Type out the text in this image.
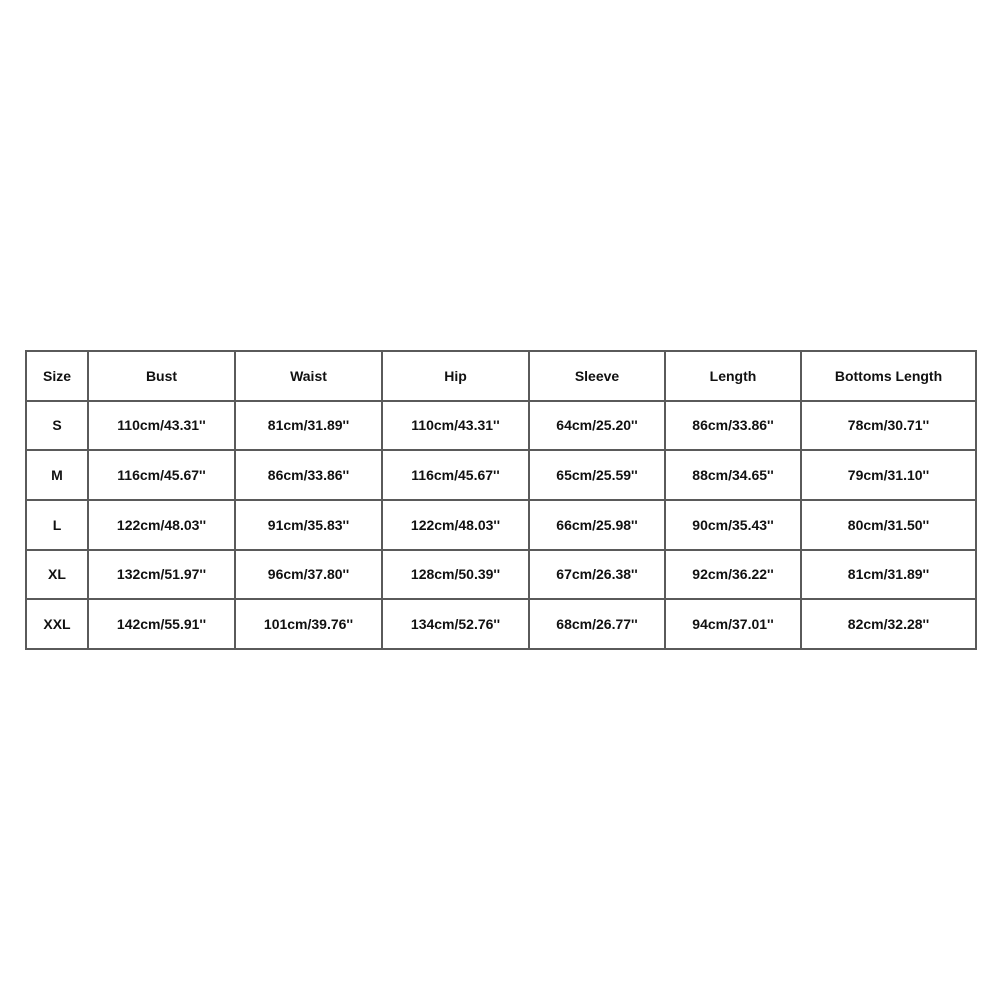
Size	Bust	Waist	Hip	Sleeve	Length	Bottoms Length
S	110cm/43.31''	81cm/31.89''	110cm/43.31''	64cm/25.20''	86cm/33.86''	78cm/30.71''
M	116cm/45.67''	86cm/33.86''	116cm/45.67''	65cm/25.59''	88cm/34.65''	79cm/31.10''
L	122cm/48.03''	91cm/35.83''	122cm/48.03''	66cm/25.98''	90cm/35.43''	80cm/31.50''
XL	132cm/51.97''	96cm/37.80''	128cm/50.39''	67cm/26.38''	92cm/36.22''	81cm/31.89''
XXL	142cm/55.91''	101cm/39.76''	134cm/52.76''	68cm/26.77''	94cm/37.01''	82cm/32.28''
